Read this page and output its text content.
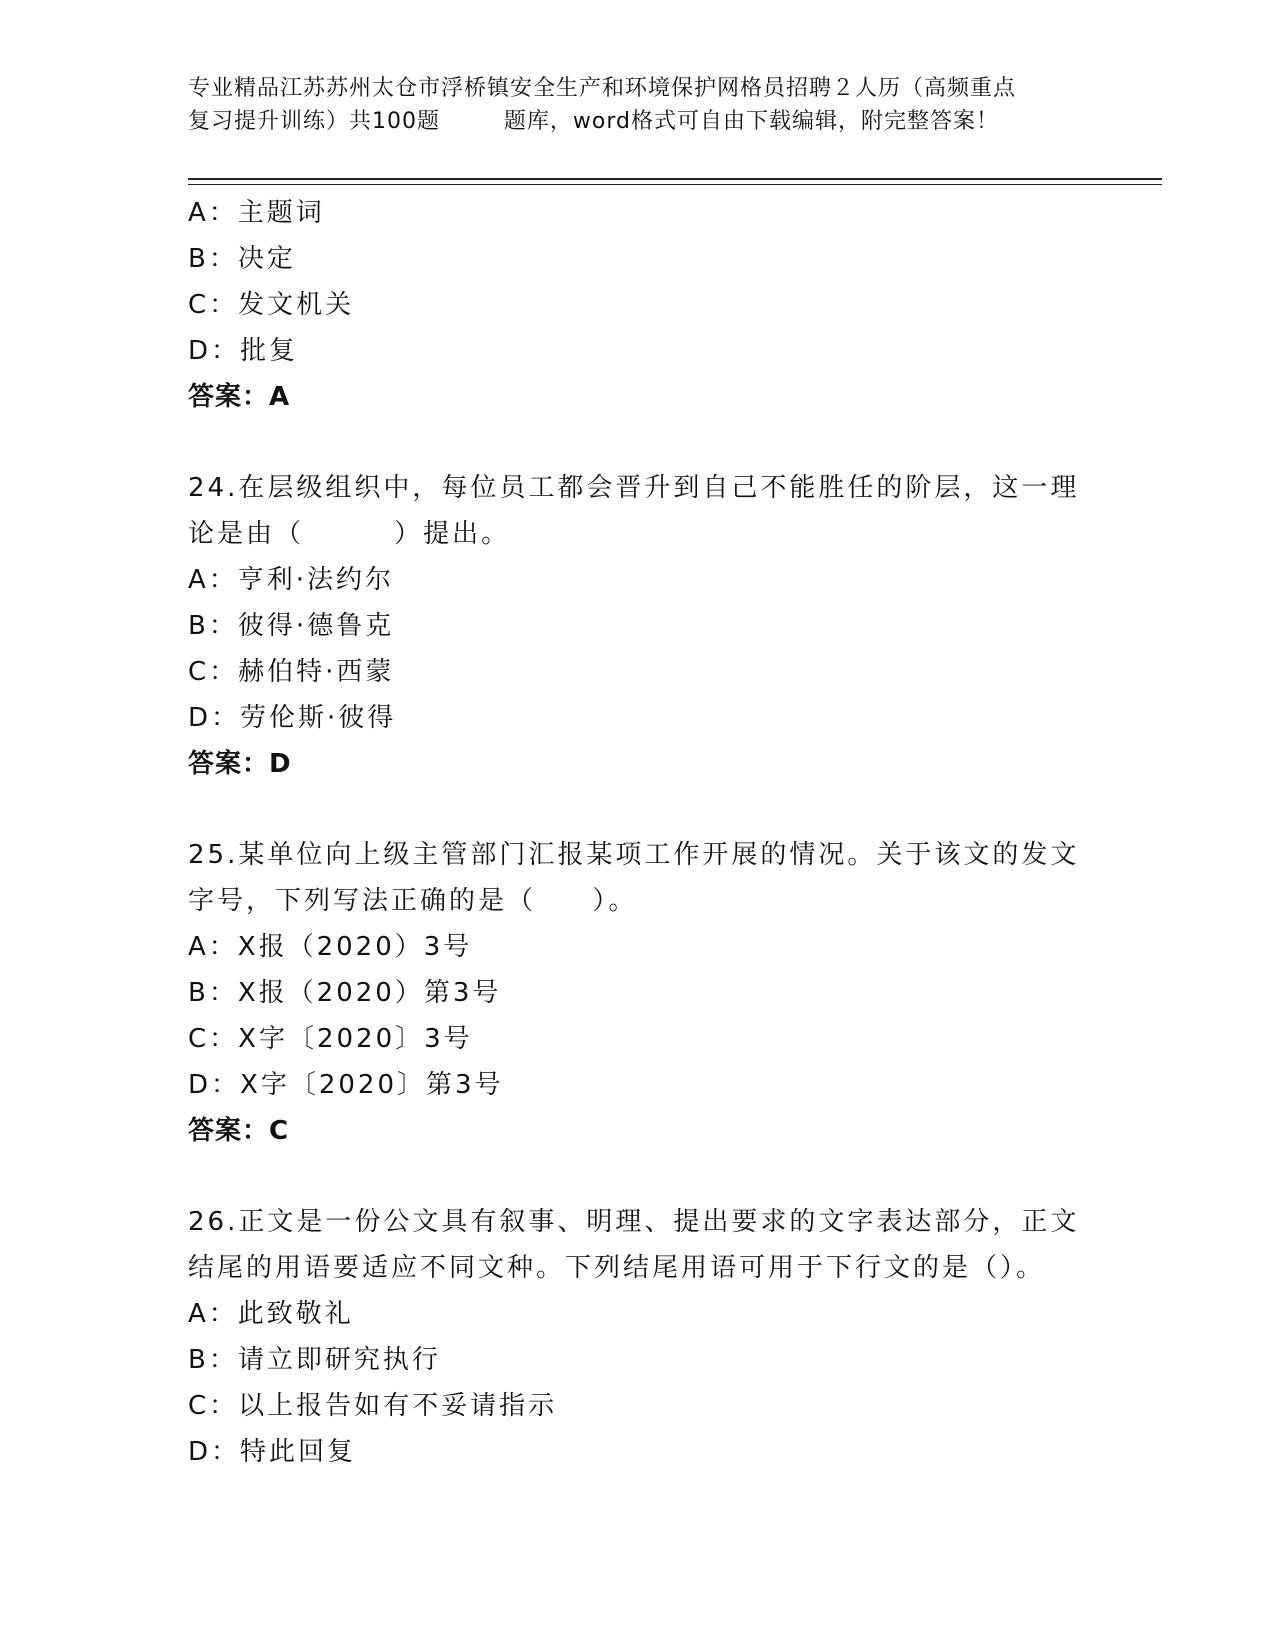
专业精品江苏苏州太仓市浮桥镇安全生产和环境保护网格员招聘２人历（高频重点
复习提升训练）共100题        题库，word格式可自由下载编辑，附完整答案！
A：主题词
B：决定
C：发文机关
D：批复
答案：A
24.在层级组织中，每位员工都会晋升到自己不能胜任的阶层，这一理
论是由（        ）提出。
A：亨利·法约尔
B：彼得·德鲁克
C：赫伯特·西蒙
D：劳伦斯·彼得
答案：D
25.某单位向上级主管部门汇报某项工作开展的情况。关于该文的发文
字号，下列写法正确的是（     ）。
A：X报（2020）3号
B：X报（2020）第3号
C：X字〔2020〕3号
D：X字〔2020〕第3号
答案：C
26.正文是一份公文具有叙事、明理、提出要求的文字表达部分，正文
结尾的用语要适应不同文种。下列结尾用语可用于下行文的是（）。
A：此致敬礼
B：请立即研究执行
C：以上报告如有不妥请指示
D：特此回复
